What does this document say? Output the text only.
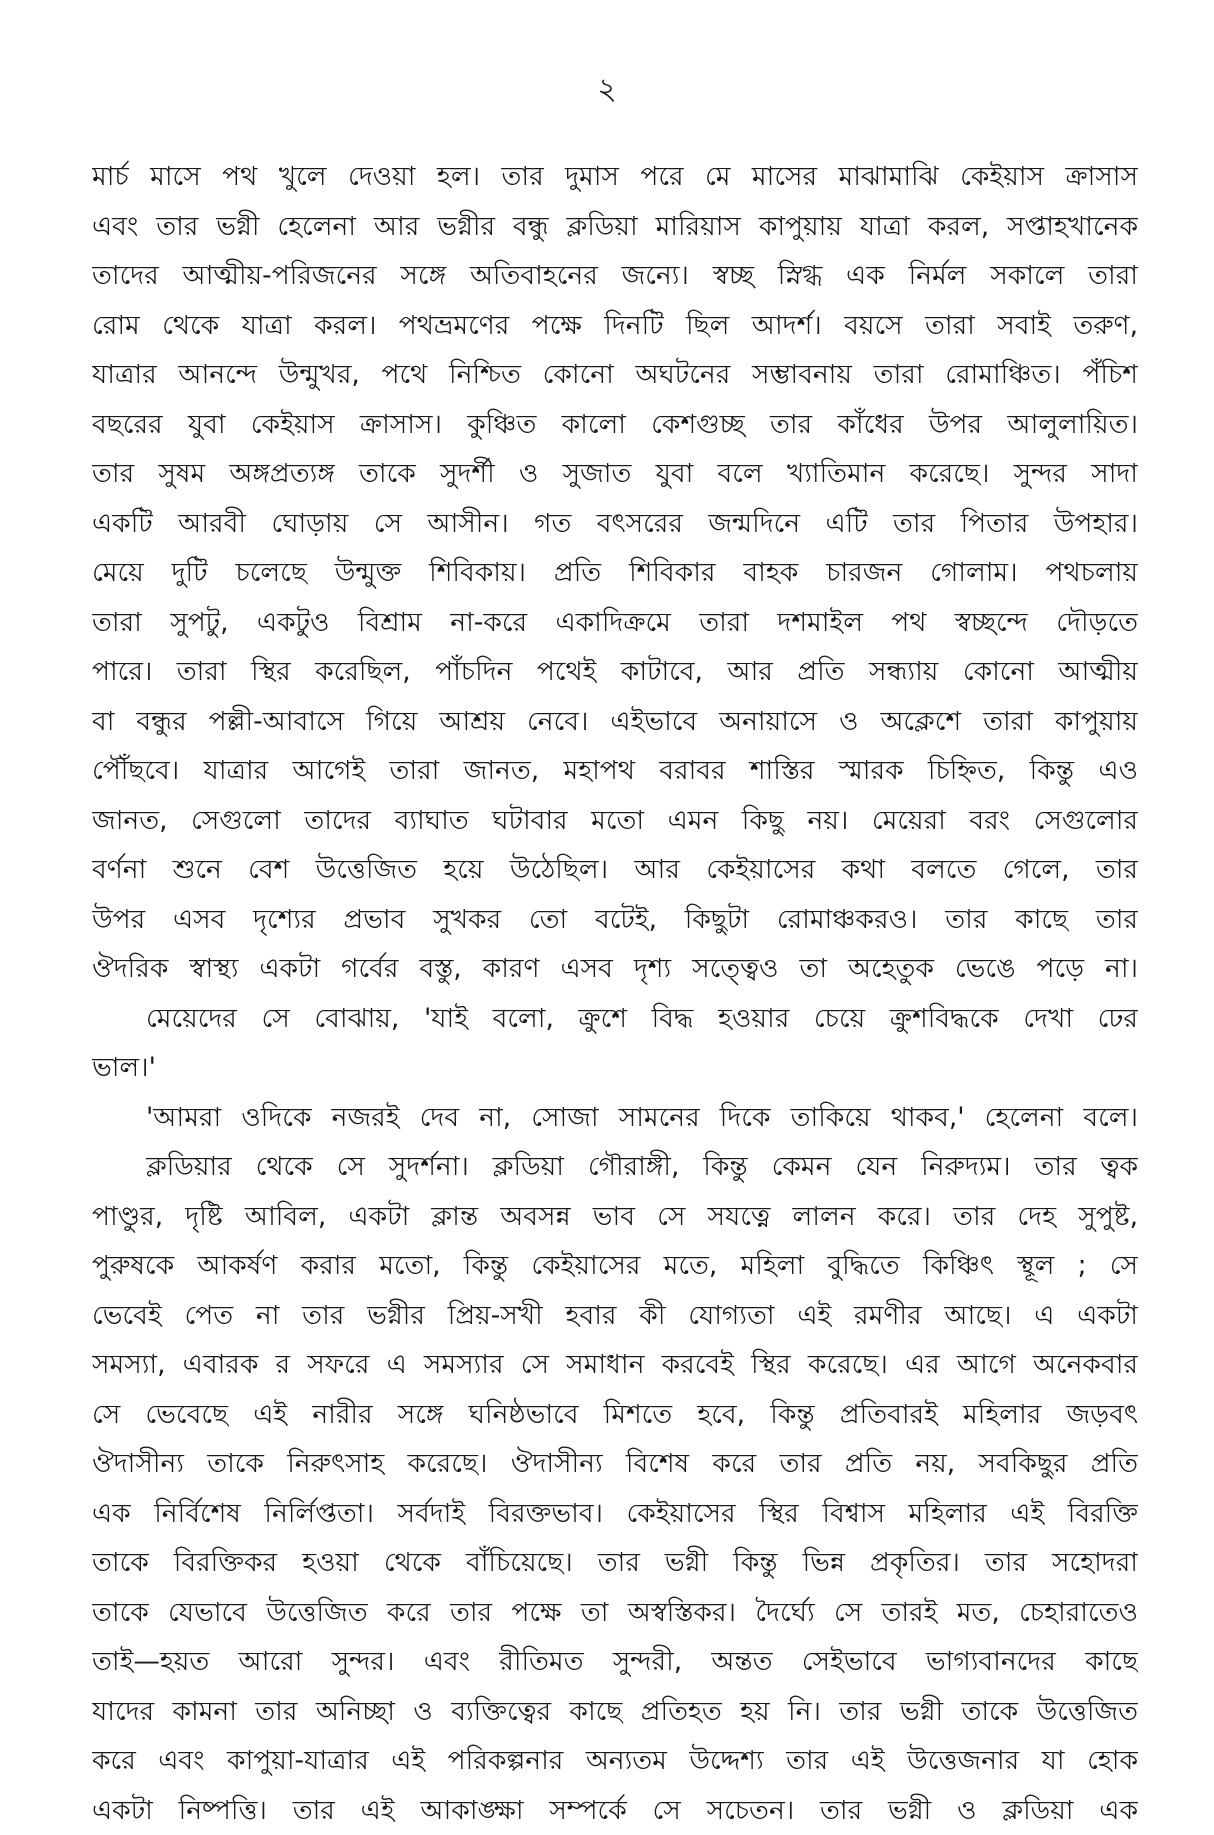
২
মার্চ মাসে পথ খুলে দেওয়া হল। তার দুমাস পরে মে মাসের মাঝামাঝি কেইয়াস ক্রাসাস
এবং তার ভগ্নী হেলেনা আর ভগ্নীর বন্ধু ক্লডিয়া মারিয়াস কাপুয়ায় যাত্রা করল, সপ্তাহখানেক
তাদের আত্মীয়-পরিজনের সঙ্গে অতিবাহনের জন্যে। স্বচ্ছ স্নিগ্ধ এক নির্মল সকালে তারা
রোম থেকে যাত্রা করল। পথভ্রমণের পক্ষে দিনটি ছিল আদর্শ। বয়সে তারা সবাই তরুণ,
যাত্রার আনন্দে উন্মুখর, পথে নিশ্চিত কোনো অঘটনের সম্ভাবনায় তারা রোমাঞ্চিত। পঁচিশ
বছরের যুবা কেইয়াস ক্রাসাস। কুঞ্চিত কালো কেশগুচ্ছ তার কাঁধের উপর আলুলায়িত।
তার সুষম অঙ্গপ্রত্যঙ্গ তাকে সুদর্শী ও সুজাত যুবা বলে খ্যাতিমান করেছে। সুন্দর সাদা
একটি আরবী ঘোড়ায় সে আসীন। গত বৎসরের জন্মদিনে এটি তার পিতার উপহার।
মেয়ে দুটি চলেছে উন্মুক্ত শিবিকায়। প্রতি শিবিকার বাহক চারজন গোলাম। পথচলায়
তারা সুপটু, একটুও বিশ্রাম না-করে একাদিক্রমে তারা দশমাইল পথ স্বচ্ছন্দে দৌড়তে
পারে। তারা স্থির করেছিল, পাঁচদিন পথেই কাটাবে, আর প্রতি সন্ধ্যায় কোনো আত্মীয়
বা বন্ধুর পল্লী-আবাসে গিয়ে আশ্রয় নেবে। এইভাবে অনায়াসে ও অক্লেশে তারা কাপুয়ায়
পৌঁছবে। যাত্রার আগেই তারা জানত, মহাপথ বরাবর শাস্তির স্মারক চিহ্নিত, কিন্তু এও
জানত, সেগুলো তাদের ব্যাঘাত ঘটাবার মতো এমন কিছু নয়। মেয়েরা বরং সেগুলোর
বর্ণনা শুনে বেশ উত্তেজিত হয়ে উঠেছিল। আর কেইয়াসের কথা বলতে গেলে, তার
উপর এসব দৃশ্যের প্রভাব সুখকর তো বটেই, কিছুটা রোমাঞ্চকরও। তার কাছে তার
ঔদরিক স্বাস্থ্য একটা গর্বের বস্তু, কারণ এসব দৃশ্য সত্ত্বেও তা অহেতুক ভেঙে পড়ে না।
মেয়েদের সে বোঝায়, 'যাই বলো, ক্রুশে বিদ্ধ হওয়ার চেয়ে ক্রুশবিদ্ধকে দেখা ঢের
ভাল।'
'আমরা ওদিকে নজরই দেব না, সোজা সামনের দিকে তাকিয়ে থাকব,' হেলেনা বলে।
ক্লডিয়ার থেকে সে সুদর্শনা। ক্লডিয়া গৌরাঙ্গী, কিন্তু কেমন যেন নিরুদ্যম। তার ত্বক
পাণ্ডুর, দৃষ্টি আবিল, একটা ক্লান্ত অবসন্ন ভাব সে সযত্নে লালন করে। তার দেহ সুপুষ্ট,
পুরুষকে আকর্ষণ করার মতো, কিন্তু কেইয়াসের মতে, মহিলা বুদ্ধিতে কিঞ্চিৎ স্থূল ; সে
ভেবেই পেত না তার ভগ্নীর প্রিয়-সখী হবার কী যোগ্যতা এই রমণীর আছে। এ একটা
সমস্যা, এবারক র সফরে এ সমস্যার সে সমাধান করবেই স্থির করেছে। এর আগে অনেকবার
সে ভেবেছে এই নারীর সঙ্গে ঘনিষ্ঠভাবে মিশতে হবে, কিন্তু প্রতিবারই মহিলার জড়বৎ
ঔদাসীন্য তাকে নিরুৎসাহ করেছে। ঔদাসীন্য বিশেষ করে তার প্রতি নয়, সবকিছুর প্রতি
এক নির্বিশেষ নির্লিপ্ততা। সর্বদাই বিরক্তভাব। কেইয়াসের স্থির বিশ্বাস মহিলার এই বিরক্তি
তাকে বিরক্তিকর হওয়া থেকে বাঁচিয়েছে। তার ভগ্নী কিন্তু ভিন্ন প্রকৃতির। তার সহোদরা
তাকে যেভাবে উত্তেজিত করে তার পক্ষে তা অস্বস্তিকর। দৈর্ঘ্যে সে তারই মত, চেহারাতেও
তাই—হয়ত আরো সুন্দর। এবং রীতিমত সুন্দরী, অন্তত সেইভাবে ভাগ্যবানদের কাছে
যাদের কামনা তার অনিচ্ছা ও ব্যক্তিত্বের কাছে প্রতিহত হয় নি। তার ভগ্নী তাকে উত্তেজিত
করে এবং কাপুয়া-যাত্রার এই পরিকল্পনার অন্যতম উদ্দেশ্য তার এই উত্তেজনার যা হোক
একটা নিষ্পত্তি। তার এই আকাঙ্ক্ষা সম্পর্কে সে সচেতন। তার ভগ্নী ও ক্লডিয়া এক
